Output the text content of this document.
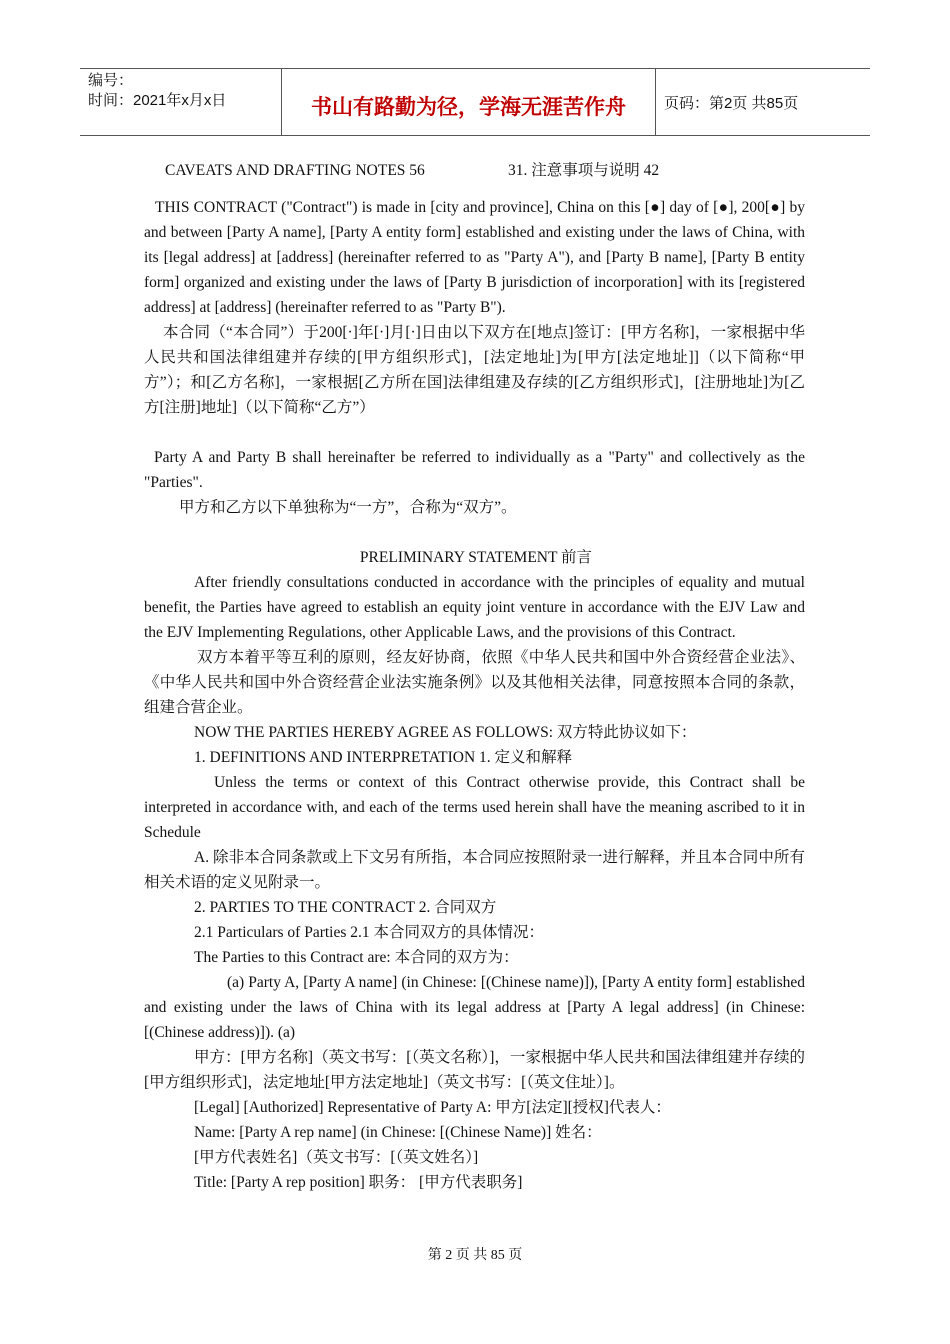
编号：
时间：2021年x月x日	书山有路勤为径，学海无涯苦作舟	页码：第2页 共85页

CAVEATS AND DRAFTING NOTES 56	31. 注意事项与说明 42

THIS CONTRACT ("Contract") is made in [city and province], China on this [●] day of [●], 200[●] by and between [Party A name], [Party A entity form] established and existing under the laws of China, with its [legal address] at [address] (hereinafter referred to as "Party A"), and [Party B name], [Party B entity form] organized and existing under the laws of [Party B jurisdiction of incorporation] with its [registered address] at [address] (hereinafter referred to as "Party B").

本合同（“本合同”）于200[·]年[·]月[·]日由以下双方在[地点]签订：[甲方名称]，一家根据中华人民共和国法律组建并存续的[甲方组织形式]，[法定地址]为[甲方[法定地址]]（以下简称“甲方”）；和[乙方名称]，一家根据[乙方所在国]法律组建及存续的[乙方组织形式]，[注册地址]为[乙方[注册]地址]（以下简称“乙方”）

Party A and Party B shall hereinafter be referred to individually as a "Party" and collectively as the "Parties".

甲方和乙方以下单独称为“一方”，合称为“双方”。

PRELIMINARY STATEMENT 前言

After friendly consultations conducted in accordance with the principles of equality and mutual benefit, the Parties have agreed to establish an equity joint venture in accordance with the EJV Law and the EJV Implementing Regulations, other Applicable Laws, and the provisions of this Contract.

双方本着平等互利的原则，经友好协商，依照《中华人民共和国中外合资经营企业法》、《中华人民共和国中外合资经营企业法实施条例》以及其他相关法律，同意按照本合同的条款，组建合营企业。

NOW THE PARTIES HEREBY AGREE AS FOLLOWS: 双方特此协议如下：

1. DEFINITIONS AND INTERPRETATION 1. 定义和解释

Unless the terms or context of this Contract otherwise provide, this Contract shall be interpreted in accordance with, and each of the terms used herein shall have the meaning ascribed to it in Schedule

A. 除非本合同条款或上下文另有所指，本合同应按照附录一进行解释，并且本合同中所有相关术语的定义见附录一。

2. PARTIES TO THE CONTRACT 2. 合同双方

2.1 Particulars of Parties 2.1 本合同双方的具体情况：

The Parties to this Contract are: 本合同的双方为：

(a) Party A, [Party A name] (in Chinese: [(Chinese name)]), [Party A entity form] established and existing under the laws of China with its legal address at [Party A legal address] (in Chinese: [(Chinese address)]). (a)

甲方：[甲方名称]（英文书写：[（英文名称）]，一家根据中华人民共和国法律组建并存续的[甲方组织形式]，法定地址[甲方法定地址]（英文书写：[（英文住址）]。

[Legal] [Authorized] Representative of Party A: 甲方[法定][授权]代表人：

Name: [Party A rep name] (in Chinese: [(Chinese Name)] 姓名：

[甲方代表姓名]（英文书写：[（英文姓名）]

Title: [Party A rep position] 职务： [甲方代表职务]

第 2 页 共 85 页
